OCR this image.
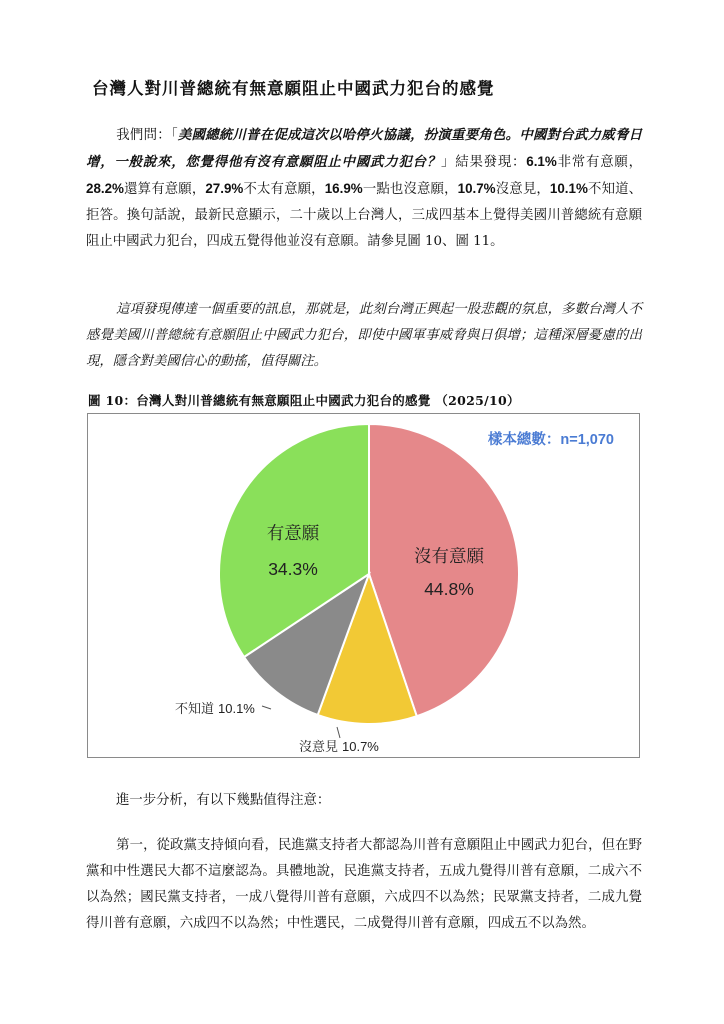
台灣人對川普總統有無意願阻止中國武力犯台的感覺
我們問：「美國總統川普在促成這次以哈停火協議，扮演重要角色。中國對台武力威脅日增，一般說來，您覺得他有沒有意願阻止中國武力犯台？」結果發現：6.1%非常有意願，28.2%還算有意願，27.9%不太有意願，16.9%一點也沒意願，10.7%沒意見，10.1%不知道、拒答。換句話說，最新民意顯示，二十歲以上台灣人，三成四基本上覺得美國川普總統有意願阻止中國武力犯台，四成五覺得他並沒有意願。請參見圖 10、圖 11。
這項發現傳達一個重要的訊息，那就是，此刻台灣正興起一股悲觀的氛息，多數台灣人不感覺美國川普總統有意願阻止中國武力犯台，即使中國軍事威脅與日俱增；這種深層憂慮的出現，隱含對美國信心的動搖，值得關注。
圖 10：台灣人對川普總統有無意願阻止中國武力犯台的感覺 （2025/10）
樣本總數：n=1,070
沒有意願
44.8%
有意願
34.3%
不知道 10.1%
沒意見 10.7%
進一步分析，有以下幾點值得注意：
第一，從政黨支持傾向看，民進黨支持者大都認為川普有意願阻止中國武力犯台，但在野黨和中性選民大都不這麼認為。具體地說，民進黨支持者，五成九覺得川普有意願，二成六不以為然；國民黨支持者，一成八覺得川普有意願，六成四不以為然；民眾黨支持者，二成九覺得川普有意願，六成四不以為然；中性選民，二成覺得川普有意願，四成五不以為然。
